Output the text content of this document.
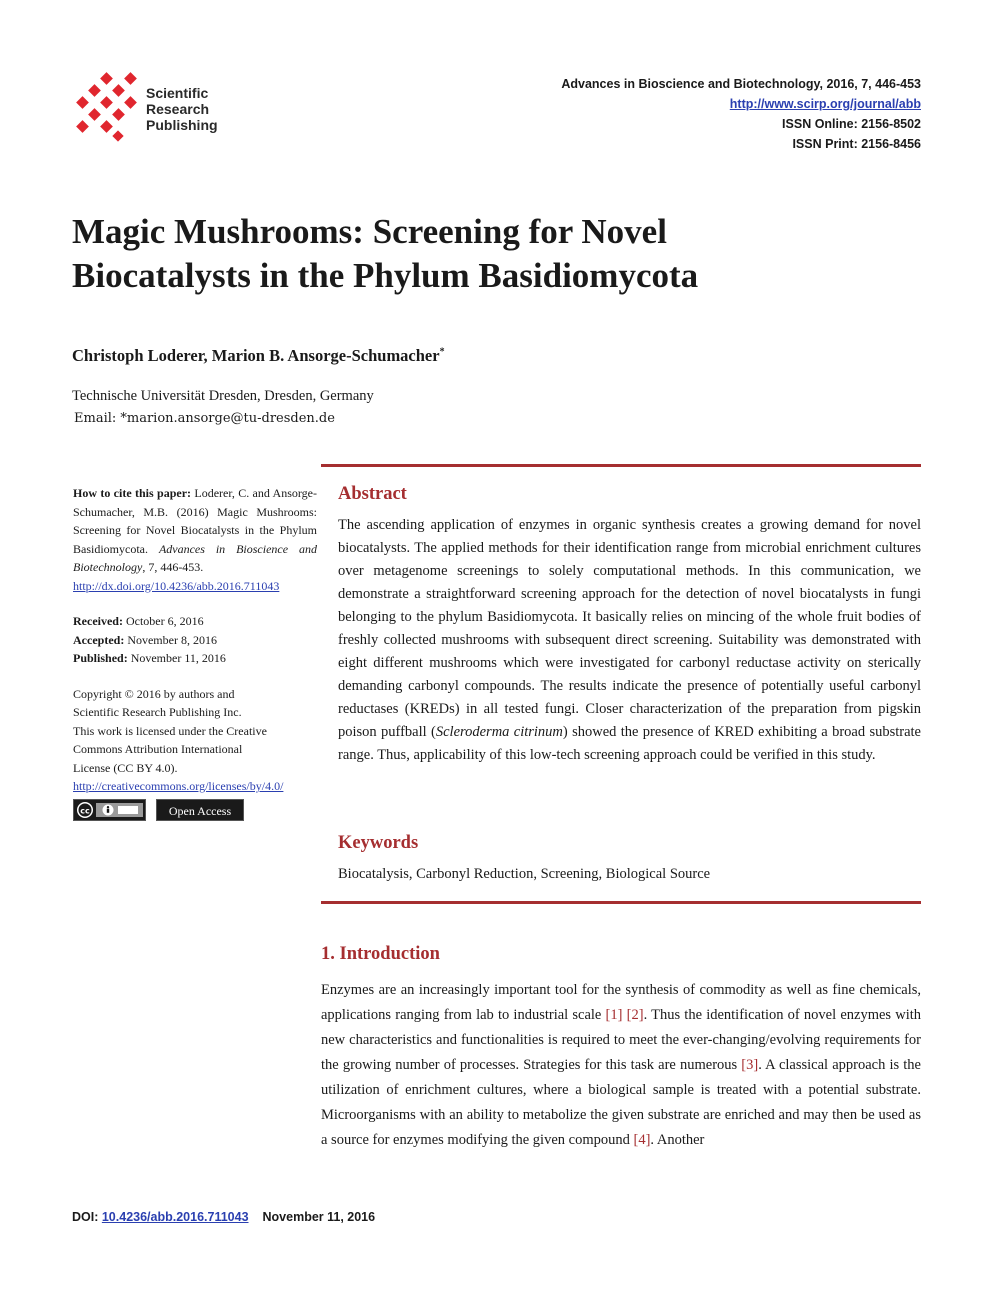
Scientific
Research
Publishing
Advances in Bioscience and Biotechnology, 2016, 7, 446-453
http://www.scirp.org/journal/abb
ISSN Online: 2156-8502
ISSN Print: 2156-8456
Magic Mushrooms: Screening for Novel
Biocatalysts in the Phylum Basidiomycota
Christoph Loderer, Marion B. Ansorge-Schumacher*
Technische Universität Dresden, Dresden, Germany
Email: *marion.ansorge@tu-dresden.de
How to cite this paper: Loderer, C. and Ansorge-Schumacher, M.B. (2016) Magic Mushrooms: Screening for Novel Biocatalysts in the Phylum Basidiomycota. Advances in Bioscience and Biotechnology, 7, 446-453.
http://dx.doi.org/10.4236/abb.2016.711043
Received: October 6, 2016
Accepted: November 8, 2016
Published: November 11, 2016
Copyright © 2016 by authors and
Scientific Research Publishing Inc.
This work is licensed under the Creative
Commons Attribution International
License (CC BY 4.0).
http://creativecommons.org/licenses/by/4.0/
cc	Open Access
Abstract
The ascending application of enzymes in organic synthesis creates a growing demand for novel biocatalysts. The applied methods for their identification range from microbial enrichment cultures over metagenome screenings to solely computational methods. In this communication, we demonstrate a straightforward screening approach for the detection of novel biocatalysts in fungi belonging to the phylum Basidiomycota. It basically relies on mincing of the whole fruit bodies of freshly collected mushrooms with subsequent direct screening. Suitability was demonstrated with eight different mushrooms which were investigated for carbonyl reductase activity on sterically demanding carbonyl compounds. The results indicate the presence of potentially useful carbonyl reductases (KREDs) in all tested fungi. Closer characterization of the preparation from pigskin poison puffball (Scleroderma citrinum) showed the presence of KRED exhibiting a broad substrate range. Thus, applicability of this low-tech screening approach could be verified in this study.
Keywords
Biocatalysis, Carbonyl Reduction, Screening, Biological Source
1. Introduction
Enzymes are an increasingly important tool for the synthesis of commodity as well as fine chemicals, applications ranging from lab to industrial scale [1] [2]. Thus the identification of novel enzymes with new characteristics and functionalities is required to meet the ever-changing/evolving requirements for the growing number of processes. Strategies for this task are numerous [3]. A classical approach is the utilization of enrichment cultures, where a biological sample is treated with a potential substrate. Microorganisms with an ability to metabolize the given substrate are enriched and may then be used as a source for enzymes modifying the given compound [4]. Another
DOI: 10.4236/abb.2016.711043 November 11, 2016
